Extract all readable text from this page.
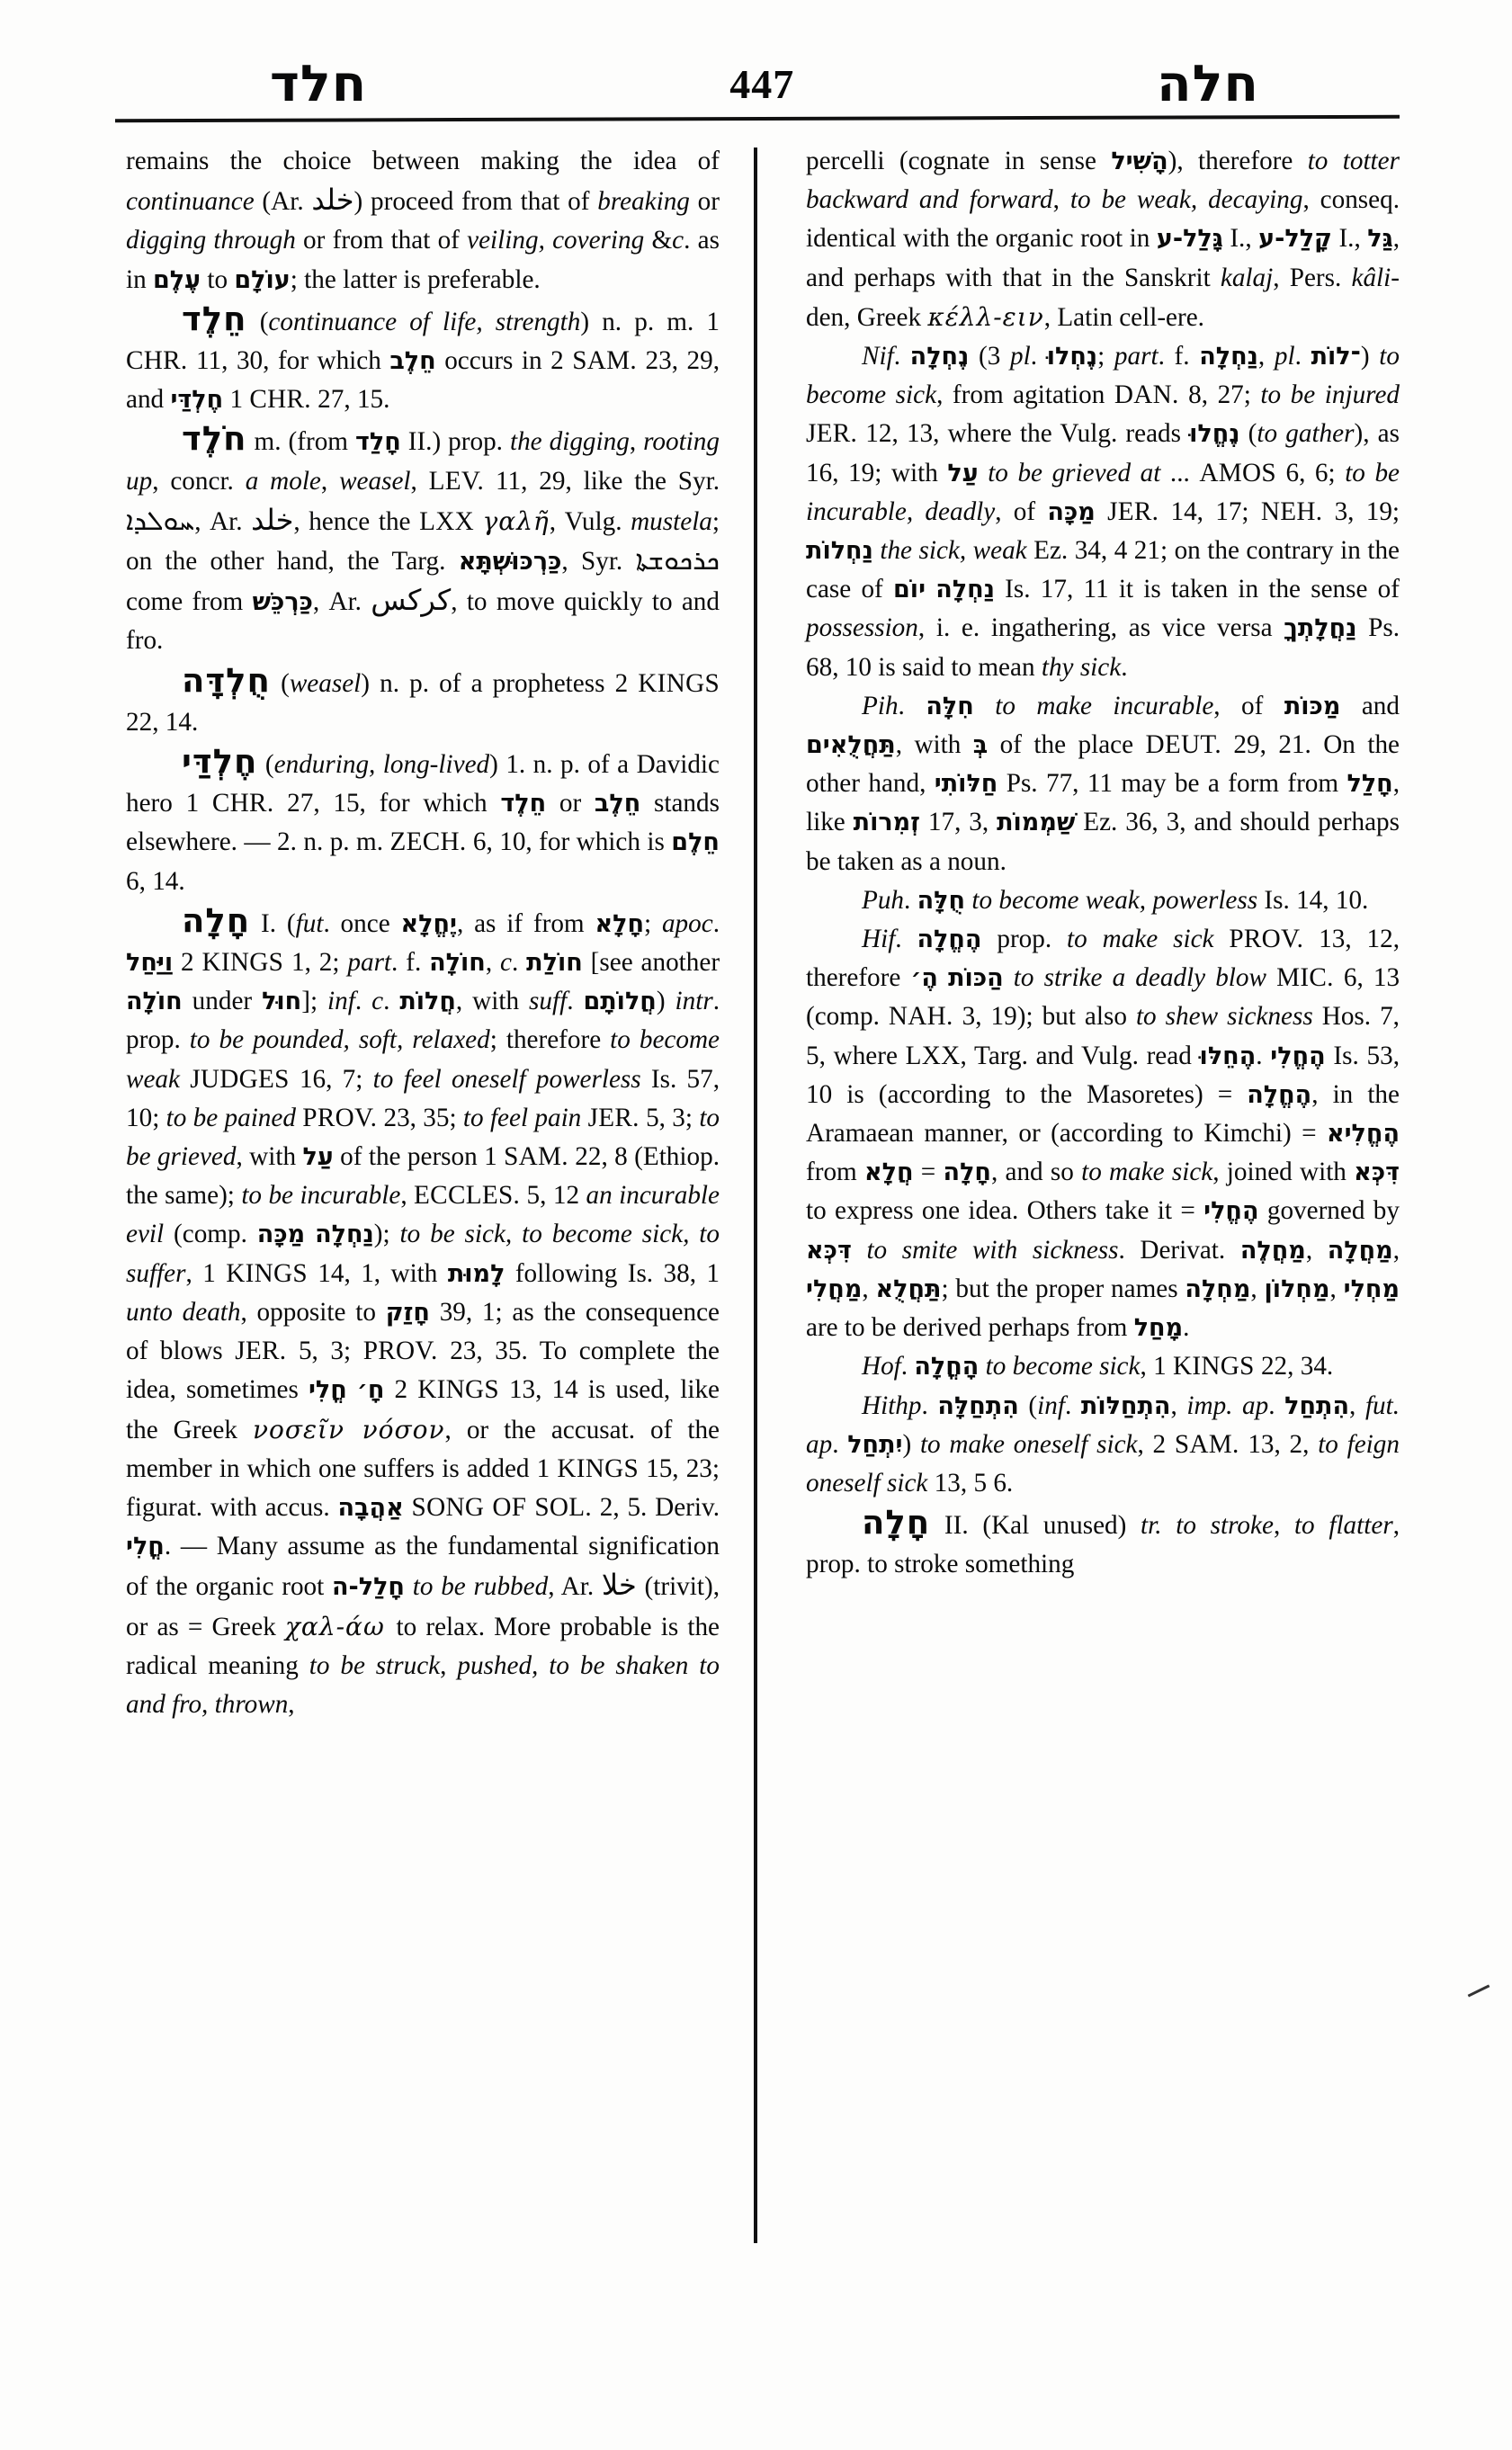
חלד	447	חלה

remains the choice between making the idea of continuance (Ar. خلد) proceed from that of breaking or digging through or from that of veiling, covering &c. as in עֶלֶם to עוֹלָם; the latter is preferable.

חֵלֶד (continuance of life, strength) n. p. m. 1 CHR. 11, 30, for which חֵלֶב occurs in 2 SAM. 23, 29, and חֶלְדַּי 1 CHR. 27, 15.

חֹלֶד m. (from חָלַד II.) prop. the digging, rooting up, concr. a mole, weasel, LEV. 11, 29, like the Syr. ܚܘܠܕܐ, Ar. خلد, hence the LXX γαλῆ, Vulg. mustela; on the other hand, the Targ. כַּרְכּוּשְׁתָּא, Syr. ܟܪܟܘܫܬܐ come from כַּרְכֵּשׁ, Ar. كركس, to move quickly to and fro.

חֻלְדָּה (weasel) n. p. of a prophetess 2 KINGS 22, 14.

חֶלְדַּי (enduring, long-lived) 1. n. p. of a Davidic hero 1 CHR. 27, 15, for which חֵלֶד or חֵלֶב stands elsewhere. — 2. n. p. m. ZECH. 6, 10, for which is חֵלֶם 6, 14.

חָלָה I. (fut. once יֶחֱלָא, as if from חָלָא; apoc. וַיַּחַל 2 KINGS 1, 2; part. f. חוֹלָה, c. חוֹלַת [see another חוֹלָה under חוּל]; inf. c. חֲלוֹת, with suff. חֲלוֹתָם) intr. prop. to be pounded, soft, relaxed; therefore to become weak JUDGES 16, 7; to feel oneself powerless Is. 57, 10; to be pained PROV. 23, 35; to feel pain JER. 5, 3; to be grieved, with עַל of the person 1 SAM. 22, 8 (Ethiop. the same); to be incurable, ECCLES. 5, 12 an incurable evil (comp. מַכָּה נַחְלָה); to be sick, to become sick, to suffer, 1 KINGS 14, 1, with לָמוּת following Is. 38, 1 unto death, opposite to חָזַק 39, 1; as the consequence of blows JER. 5, 3; PROV. 23, 35. To complete the idea, sometimes חֳלִי חָ׳ 2 KINGS 13, 14 is used, like the Greek νοσεῖν νόσον, or the accusat. of the member in which one suffers is added 1 KINGS 15, 23; figurat. with accus. אַהֲבָה SONG OF SOL. 2, 5. Deriv. חֳלִי. — Many assume as the fundamental signification of the organic root חָלַל-ה to be rubbed, Ar. خلا (trivit), or as = Greek χαλ-άω to relax. More probable is the radical meaning to be struck, pushed, to be shaken to and fro, thrown,

percelli (cognate in sense הָשִׁיל), therefore to totter backward and forward, to be weak, decaying, conseq. identical with the organic root in גָּלַל-ע I., קָלַל-ע I., גַּל, and perhaps with that in the Sanskrit kalaj, Pers. kâli-den, Greek κέλλ-ειν, Latin cell-ere.

Nif. נֶחְלָה (3 pl. נֶחְלוּ; part. f. נַחְלָה, pl. ־לוֹת) to become sick, from agitation DAN. 8, 27; to be injured JER. 12, 13, where the Vulg. reads נֶחֱלוּ (to gather), as 16, 19; with עַל to be grieved at ... AMOS 6, 6; to be incurable, deadly, of מַכָּה JER. 14, 17; NEH. 3, 19; נַחְלוֹת the sick, weak Ez. 34, 4 21; on the contrary in the case of יוֹם נַחְלָה Is. 17, 11 it is taken in the sense of possession, i. e. ingathering, as vice versa נַחֲלָתְךָ Ps. 68, 10 is said to mean thy sick.

Pih. חִלָּה to make incurable, of מַכּוֹת and תַּחֲלֻאִים, with בְּ of the place DEUT. 29, 21. On the other hand, חַלּוֹתִי Ps. 77, 11 may be a form from חָלַל, like זְמִרוֹת 17, 3, שַׁמְמוֹת Ez. 36, 3, and should perhaps be taken as a noun.

Puh. חֻלָּה to become weak, powerless Is. 14, 10.

Hif. הֶחֱלָה prop. to make sick PROV. 13, 12, therefore הֶ׳ הַכּוֹת to strike a deadly blow MIC. 6, 13 (comp. NAH. 3, 19); but also to shew sickness Hos. 7, 5, where LXX, Targ. and Vulg. read הֶחֵלּוּ. הֶחֱלִי Is. 53, 10 is (according to the Masoretes) = הֶחֱלָה, in the Aramaean manner, or (according to Kimchi) = הֶחֱלִיא from חֲלָא = חָלָה, and so to make sick, joined with דִּכְּא to express one idea. Others take it = הֶחֱלִי governed by דִּכְּא to smite with sickness. Derivat. מַחֲלֶה, מַחֲלָה, מַחֲלִי, תַּחֲלֻא; but the proper names מַחְלָה, מַחְלוֹן, מַחְלִי are to be derived perhaps from מָחַל.

Hof. הָחֳלָה to become sick, 1 KINGS 22, 34.

Hithp. הִתְחַלָּה (inf. הִתְחַלּוֹת, imp. ap. הִתְחַל, fut. ap. יִתְחַל) to make oneself sick, 2 SAM. 13, 2, to feign oneself sick 13, 5 6.

חָלָה II. (Kal unused) tr. to stroke, to flatter, prop. to stroke something
